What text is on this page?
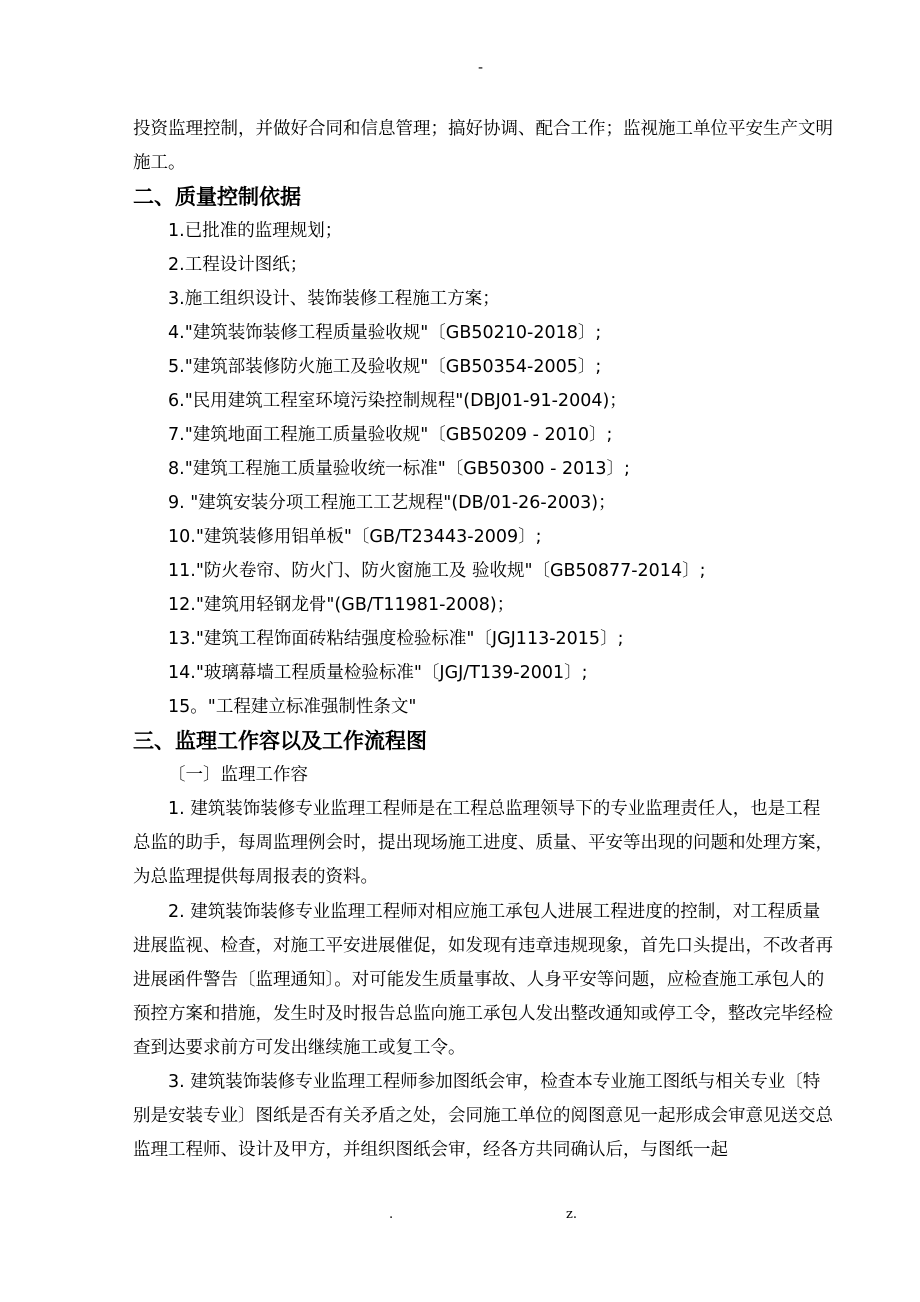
-

投资监理控制，并做好合同和信息管理；搞好协调、配合工作；监视施工单位平安生产文明施工。

二、质量控制依据

1.已批准的监理规划；

2.工程设计图纸；

3.施工组织设计、装饰装修工程施工方案；

4."建筑装饰装修工程质量验收规"〔GB50210-2018〕;

5."建筑部装修防火施工及验收规"〔GB50354-2005〕;

6."民用建筑工程室环境污染控制规程"(DBJ01-91-2004)；

7."建筑地面工程施工质量验收规"〔GB50209 - 2010〕;

8."建筑工程施工质量验收统一标准"〔GB50300 - 2013〕;

9. "建筑安装分项工程施工工艺规程"(DB/01-26-2003)；

10."建筑装修用铝单板"〔GB/T23443-2009〕;

11."防火卷帘、防火门、防火窗施工及 验收规"〔GB50877-2014〕;

12."建筑用轻钢龙骨"(GB/T11981-2008)；

13."建筑工程饰面砖粘结强度检验标准"〔JGJ113-2015〕;

14."玻璃幕墙工程质量检验标准"〔JGJ/T139-2001〕;

15。"工程建立标准强制性条文"

三、监理工作容以及工作流程图

〔一〕监理工作容

1. 建筑装饰装修专业监理工程师是在工程总监理领导下的专业监理责任人，也是工程总监的助手，每周监理例会时，提出现场施工进度、质量、平安等出现的问题和处理方案，为总监理提供每周报表的资料。

2. 建筑装饰装修专业监理工程师对相应施工承包人进展工程进度的控制，对工程质量进展监视、检查，对施工平安进展催促，如发现有违章违规现象，首先口头提出，不改者再进展函件警告〔监理通知〕。对可能发生质量事故、人身平安等问题，应检查施工承包人的预控方案和措施，发生时及时报告总监向施工承包人发出整改通知或停工令，整改完毕经检查到达要求前方可发出继续施工或复工令。

3. 建筑装饰装修专业监理工程师参加图纸会审，检查本专业施工图纸与相关专业〔特别是安装专业〕图纸是否有关矛盾之处，会同施工单位的阅图意见一起形成会审意见送交总监理工程师、设计及甲方，并组织图纸会审，经各方共同确认后，与图纸一起

.	z.
